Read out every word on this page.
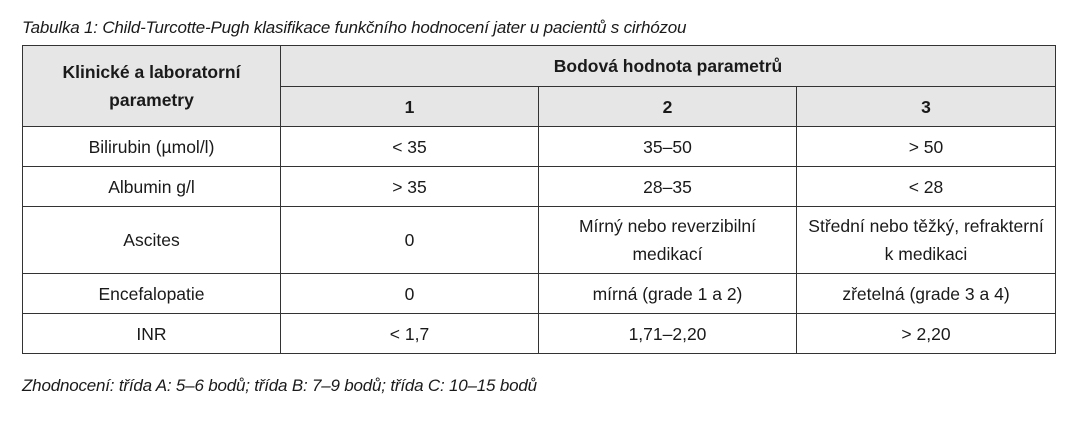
Tabulka 1: Child-Turcotte-Pugh klasifikace funkčního hodnocení jater u pacientů s cirhózou
Klinické a laboratorní parametry	Bodová hodnota parametrů		
	1	2	3
Bilirubin (µmol/l)	< 35	35–50	> 50
Albumin g/l	> 35	28–35	< 28
Ascites	0	Mírný nebo reverzibilní medikací	Střední nebo těžký, refrakterní k medikaci
Encefalopatie	0	mírná (grade 1 a 2)	zřetelná (grade 3 a 4)
INR	< 1,7	1,71–2,20	> 2,20
Zhodnocení: třída A: 5–6 bodů; třída B: 7–9 bodů; třída C: 10–15 bodů
